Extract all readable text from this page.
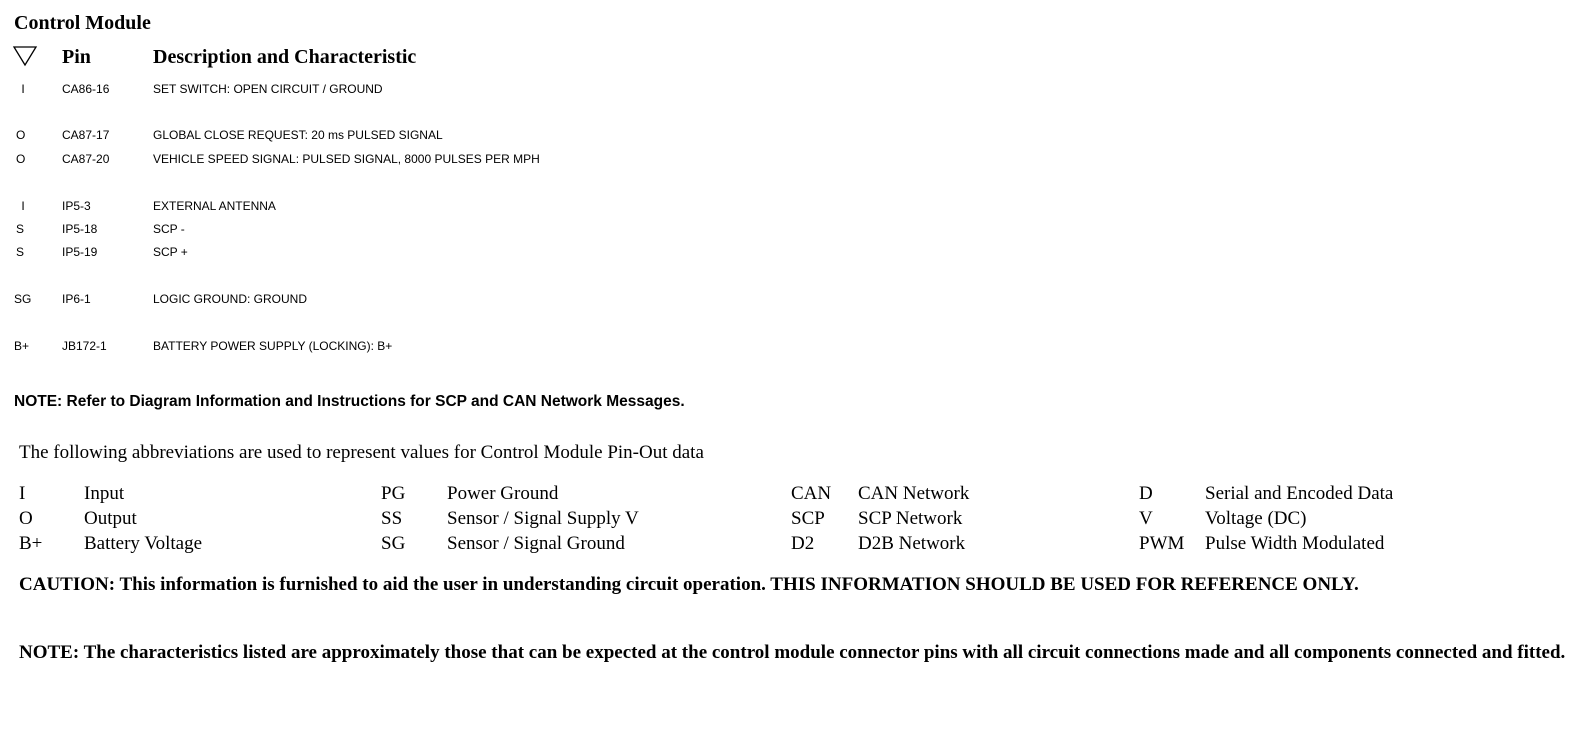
Control Module
Pin	Description and Characteristic
I	CA86-16	SET SWITCH: OPEN CIRCUIT / GROUND
O	CA87-17	GLOBAL CLOSE REQUEST: 20 ms PULSED SIGNAL
O	CA87-20	VEHICLE SPEED SIGNAL: PULSED SIGNAL, 8000 PULSES PER MPH
I	IP5-3	EXTERNAL ANTENNA
S	IP5-18	SCP -
S	IP5-19	SCP +
SG	IP6-1	LOGIC GROUND: GROUND
B+	JB172-1	BATTERY POWER SUPPLY (LOCKING): B+
NOTE: Refer to Diagram Information and Instructions for SCP and CAN Network Messages.
The following abbreviations are used to represent values for Control Module Pin-Out data
I	Input	PG Power Ground	CAN CAN Network	D	Serial and Encoded Data
O	Output	SS Sensor / Signal Supply V	SCP SCP Network	V	Voltage (DC)
B+ Battery Voltage	SG Sensor / Signal Ground	D2 D2B Network	PWM Pulse Width Modulated
CAUTION: This information is furnished to aid the user in understanding circuit operation. THIS INFORMATION SHOULD BE USED FOR REFERENCE ONLY.
NOTE: The characteristics listed are approximately those that can be expected at the control module connector pins with all circuit connections made and all components connected and fitted.
